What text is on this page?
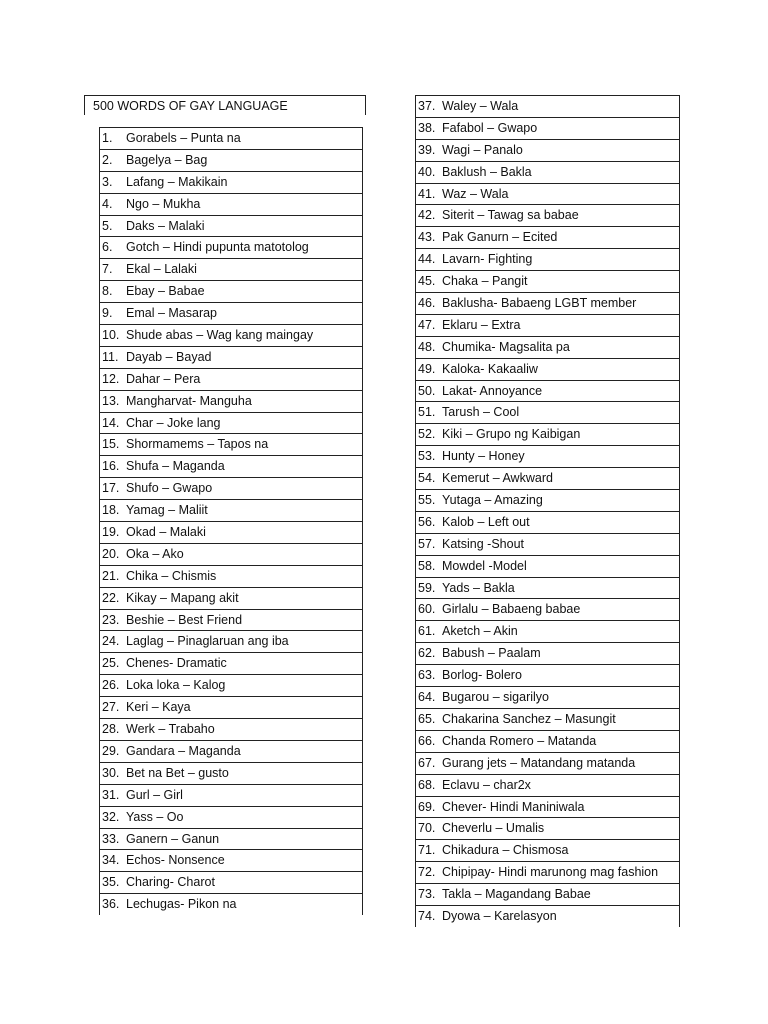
500 WORDS OF GAY LANGUAGE
1.	Gorabels – Punta na
2.	Bagelya – Bag
3.	Lafang – Makikain
4.	Ngo – Mukha
5.	Daks – Malaki
6.	Gotch – Hindi pupunta matotolog
7.	Ekal – Lalaki
8.	Ebay – Babae
9.	Emal – Masarap
10. Shude abas – Wag kang maingay
11. Dayab – Bayad
12. Dahar – Pera
13. Mangharvat- Manguha
14. Char – Joke lang
15. Shormamems – Tapos na
16. Shufa – Maganda
17. Shufo – Gwapo
18. Yamag – Maliit
19. Okad – Malaki
20. Oka – Ako
21. Chika – Chismis
22. Kikay – Mapang akit
23. Beshie – Best Friend
24. Laglag – Pinaglaruan ang iba
25. Chenes- Dramatic
26. Loka loka – Kalog
27. Keri – Kaya
28. Werk – Trabaho
29. Gandara – Maganda
30. Bet na Bet – gusto
31. Gurl – Girl
32. Yass – Oo
33. Ganern – Ganun
34. Echos- Nonsence
35. Charing- Charot
36. Lechugas- Pikon na
37. Waley – Wala
38. Fafabol – Gwapo
39. Wagi – Panalo
40. Baklush – Bakla
41. Waz – Wala
42. Siterit – Tawag sa babae
43. Pak Ganurn – Ecited
44. Lavarn- Fighting
45. Chaka – Pangit
46. Baklusha- Babaeng LGBT member
47. Eklaru – Extra
48. Chumika- Magsalita pa
49. Kaloka- Kakaaliw
50. Lakat- Annoyance
51. Tarush – Cool
52. Kiki – Grupo ng Kaibigan
53. Hunty – Honey
54. Kemerut – Awkward
55. Yutaga – Amazing
56. Kalob – Left out
57. Katsing -Shout
58. Mowdel -Model
59. Yads – Bakla
60. Girlalu – Babaeng babae
61. Aketch – Akin
62. Babush – Paalam
63. Borlog- Bolero
64. Bugarou – sigarilyo
65. Chakarina Sanchez – Masungit
66. Chanda Romero – Matanda
67. Gurang jets – Matandang matanda
68. Eclavu – char2x
69. Chever- Hindi Maniniwala
70. Cheverlu – Umalis
71. Chikadura – Chismosa
72. Chipipay- Hindi marunong mag fashion
73. Takla – Magandang Babae
74. Dyowa – Karelasyon
